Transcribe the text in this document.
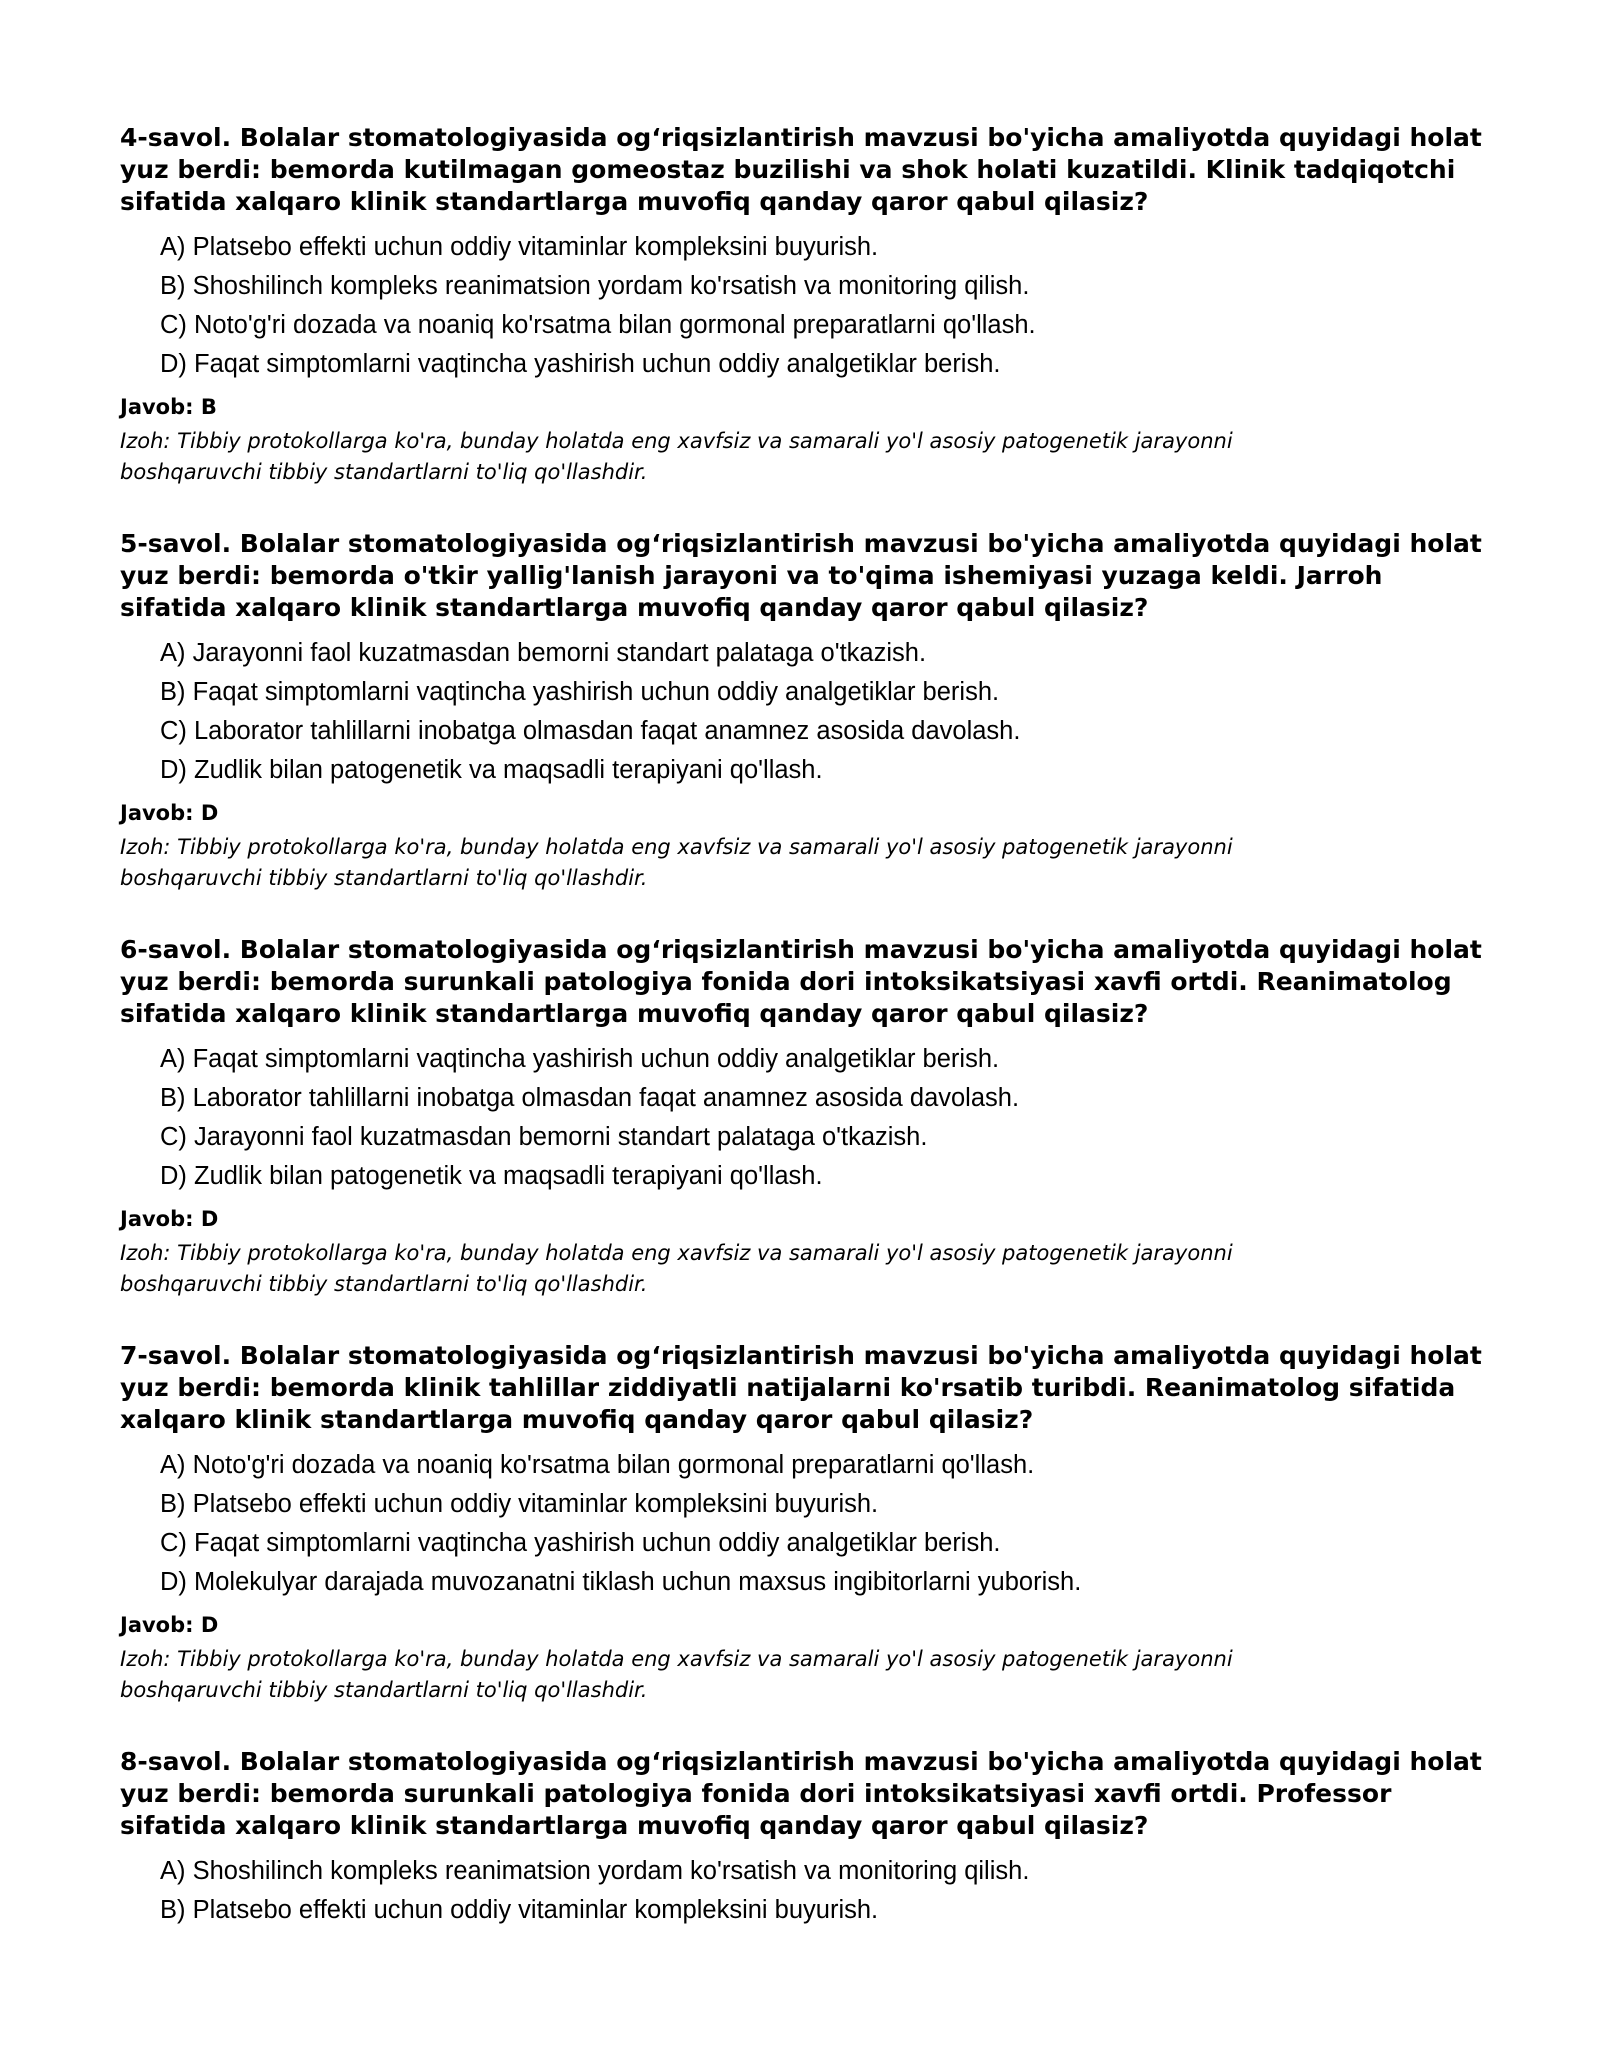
4-savol. Bolalar stomatologiyasida og‘riqsizlantirish mavzusi bo'yicha amaliyotda quyidagi holat yuz berdi: bemorda kutilmagan gomeostaz buzilishi va shok holati kuzatildi. Klinik tadqiqotchi sifatida xalqaro klinik standartlarga muvofiq qanday qaror qabul qilasiz?
A) Platsebo effekti uchun oddiy vitaminlar kompleksini buyurish.
B) Shoshilinch kompleks reanimatsion yordam ko'rsatish va monitoring qilish.
C) Noto'g'ri dozada va noaniq ko'rsatma bilan gormonal preparatlarni qo'llash.
D) Faqat simptomlarni vaqtincha yashirish uchun oddiy analgetiklar berish.
Javob: B
Izoh: Tibbiy protokollarga ko'ra, bunday holatda eng xavfsiz va samarali yo'l asosiy patogenetik jarayonni boshqaruvchi tibbiy standartlarni to'liq qo'llashdir.
5-savol. Bolalar stomatologiyasida og‘riqsizlantirish mavzusi bo'yicha amaliyotda quyidagi holat yuz berdi: bemorda o'tkir yallig'lanish jarayoni va to'qima ishemiyasi yuzaga keldi. Jarroh sifatida xalqaro klinik standartlarga muvofiq qanday qaror qabul qilasiz?
A) Jarayonni faol kuzatmasdan bemorni standart palataga o'tkazish.
B) Faqat simptomlarni vaqtincha yashirish uchun oddiy analgetiklar berish.
C) Laborator tahlillarni inobatga olmasdan faqat anamnez asosida davolash.
D) Zudlik bilan patogenetik va maqsadli terapiyani qo'llash.
Javob: D
Izoh: Tibbiy protokollarga ko'ra, bunday holatda eng xavfsiz va samarali yo'l asosiy patogenetik jarayonni boshqaruvchi tibbiy standartlarni to'liq qo'llashdir.
6-savol. Bolalar stomatologiyasida og‘riqsizlantirish mavzusi bo'yicha amaliyotda quyidagi holat yuz berdi: bemorda surunkali patologiya fonida dori intoksikatsiyasi xavfi ortdi. Reanimatolog sifatida xalqaro klinik standartlarga muvofiq qanday qaror qabul qilasiz?
A) Faqat simptomlarni vaqtincha yashirish uchun oddiy analgetiklar berish.
B) Laborator tahlillarni inobatga olmasdan faqat anamnez asosida davolash.
C) Jarayonni faol kuzatmasdan bemorni standart palataga o'tkazish.
D) Zudlik bilan patogenetik va maqsadli terapiyani qo'llash.
Javob: D
Izoh: Tibbiy protokollarga ko'ra, bunday holatda eng xavfsiz va samarali yo'l asosiy patogenetik jarayonni boshqaruvchi tibbiy standartlarni to'liq qo'llashdir.
7-savol. Bolalar stomatologiyasida og‘riqsizlantirish mavzusi bo'yicha amaliyotda quyidagi holat yuz berdi: bemorda klinik tahlillar ziddiyatli natijalarni ko'rsatib turibdi. Reanimatolog sifatida xalqaro klinik standartlarga muvofiq qanday qaror qabul qilasiz?
A) Noto'g'ri dozada va noaniq ko'rsatma bilan gormonal preparatlarni qo'llash.
B) Platsebo effekti uchun oddiy vitaminlar kompleksini buyurish.
C) Faqat simptomlarni vaqtincha yashirish uchun oddiy analgetiklar berish.
D) Molekulyar darajada muvozanatni tiklash uchun maxsus ingibitorlarni yuborish.
Javob: D
Izoh: Tibbiy protokollarga ko'ra, bunday holatda eng xavfsiz va samarali yo'l asosiy patogenetik jarayonni boshqaruvchi tibbiy standartlarni to'liq qo'llashdir.
8-savol. Bolalar stomatologiyasida og‘riqsizlantirish mavzusi bo'yicha amaliyotda quyidagi holat yuz berdi: bemorda surunkali patologiya fonida dori intoksikatsiyasi xavfi ortdi. Professor sifatida xalqaro klinik standartlarga muvofiq qanday qaror qabul qilasiz?
A) Shoshilinch kompleks reanimatsion yordam ko'rsatish va monitoring qilish.
B) Platsebo effekti uchun oddiy vitaminlar kompleksini buyurish.
